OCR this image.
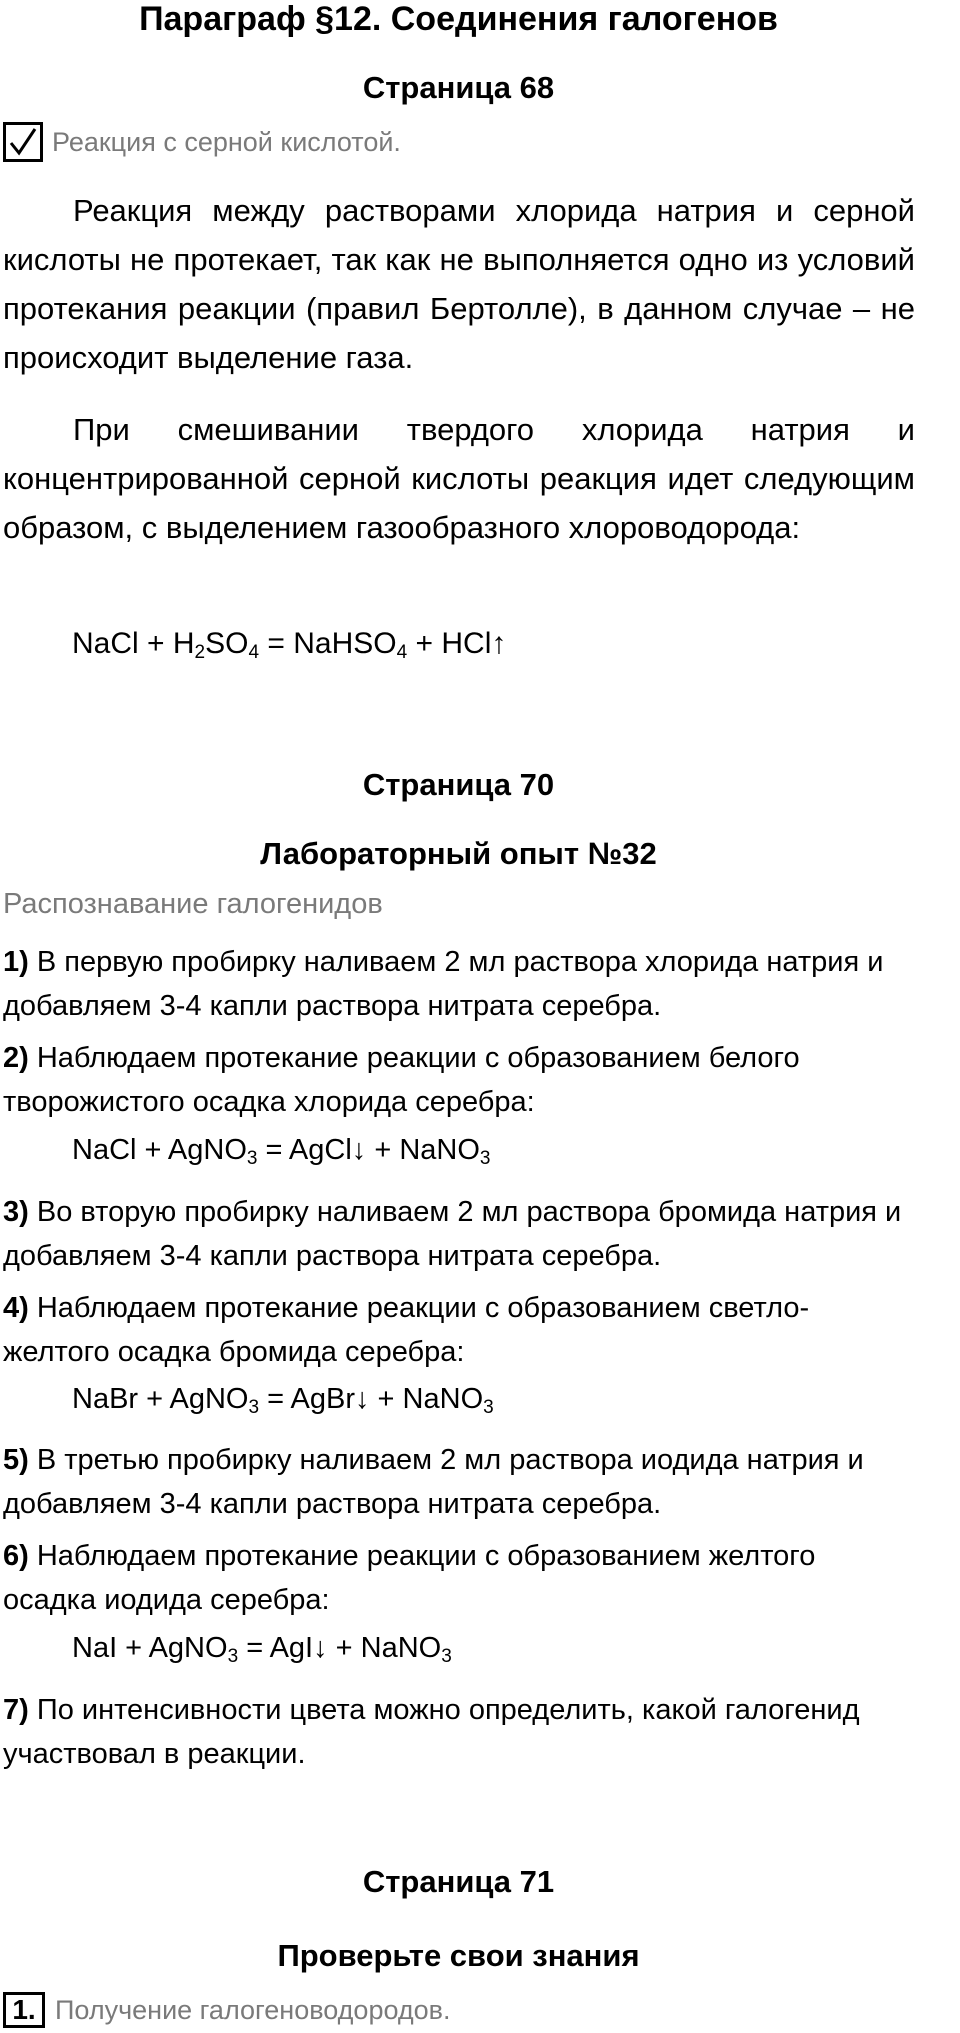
Параграф §12. Соединения галогенов
Страница 68
Реакция с серной кислотой.
Реакция между растворами хлорида натрия и серной кислоты не протекает, так как не выполняется одно из условий протекания реакции (правил Бертолле), в данном случае – не происходит выделение газа.
При смешивании твердого хлорида натрия и концентрированной серной кислоты реакция идет следующим образом, с выделением газообразного хлороводорода:
NaCl + $H_2SO_4$ = NaHSO$_4$ + HCl↑
Страница 70
Лабораторный опыт №32
Распознавание галогенидов
1) В первую пробирку наливаем 2 мл раствора хлорида натрия и добавляем 3-4 капли раствора нитрата серебра.
2) Наблюдаем протекание реакции с образованием белого творожистого осадка хлорида серебра:
NaCl + AgNO$_3$ = AgCl↓ + NaNO$_3$
3) Во вторую пробирку наливаем 2 мл раствора бромида натрия и добавляем 3-4 капли раствора нитрата серебра.
4) Наблюдаем протекание реакции с образованием светло-желтого осадка бромида серебра:
NaBr + AgNO$_3$ = AgBr↓ + NaNO$_3$
5) В третью пробирку наливаем 2 мл раствора иодида натрия и добавляем 3-4 капли раствора нитрата серебра.
6) Наблюдаем протекание реакции с образованием желтого осадка иодида серебра:
NaI + AgNO$_3$ = AgI↓ + NaNO$_3$
7) По интенсивности цвета можно определить, какой галогенид участвовал в реакции.
Страница 71
Проверьте свои знания
1. Получение галогеноводородов.
